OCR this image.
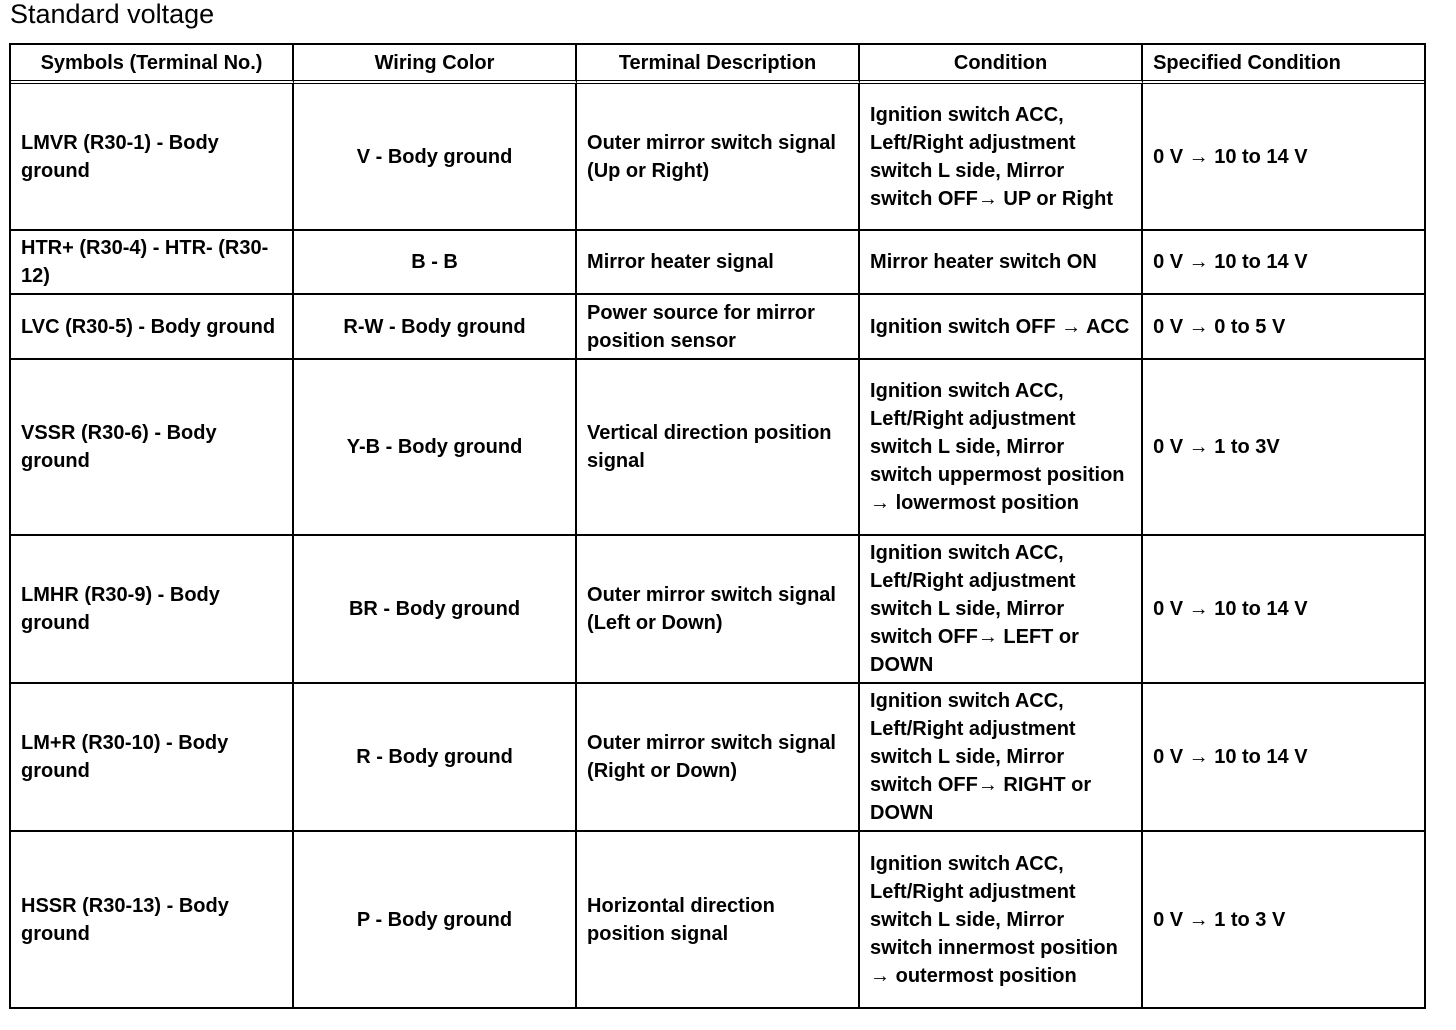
Standard voltage
Symbols (Terminal No.)	Wiring Color	Terminal Description	Condition	Specified Condition
LMVR (R30-1) - Body ground	V - Body ground	Outer mirror switch signal (Up or Right)	Ignition switch ACC, Left/Right adjustment switch L side, Mirror switch OFF→ UP or Right	0 V → 10 to 14 V
HTR+ (R30-4) - HTR- (R30-12)	B - B	Mirror heater signal	Mirror heater switch ON	0 V → 10 to 14 V
LVC (R30-5) - Body ground	R-W - Body ground	Power source for mirror position sensor	Ignition switch OFF → ACC	0 V → 0 to 5 V
VSSR (R30-6) - Body ground	Y-B - Body ground	Vertical direction position signal	Ignition switch ACC, Left/Right adjustment switch L side, Mirror switch uppermost position → lowermost position	0 V → 1 to 3V
LMHR (R30-9) - Body ground	BR - Body ground	Outer mirror switch signal (Left or Down)	Ignition switch ACC, Left/Right adjustment switch L side, Mirror switch OFF→ LEFT or DOWN	0 V → 10 to 14 V
LM+R (R30-10) - Body ground	R - Body ground	Outer mirror switch signal (Right or Down)	Ignition switch ACC, Left/Right adjustment switch L side, Mirror switch OFF→ RIGHT or DOWN	0 V → 10 to 14 V
HSSR (R30-13) - Body ground	P - Body ground	Horizontal direction position signal	Ignition switch ACC, Left/Right adjustment switch L side, Mirror switch innermost position → outermost position	0 V → 1 to 3 V
